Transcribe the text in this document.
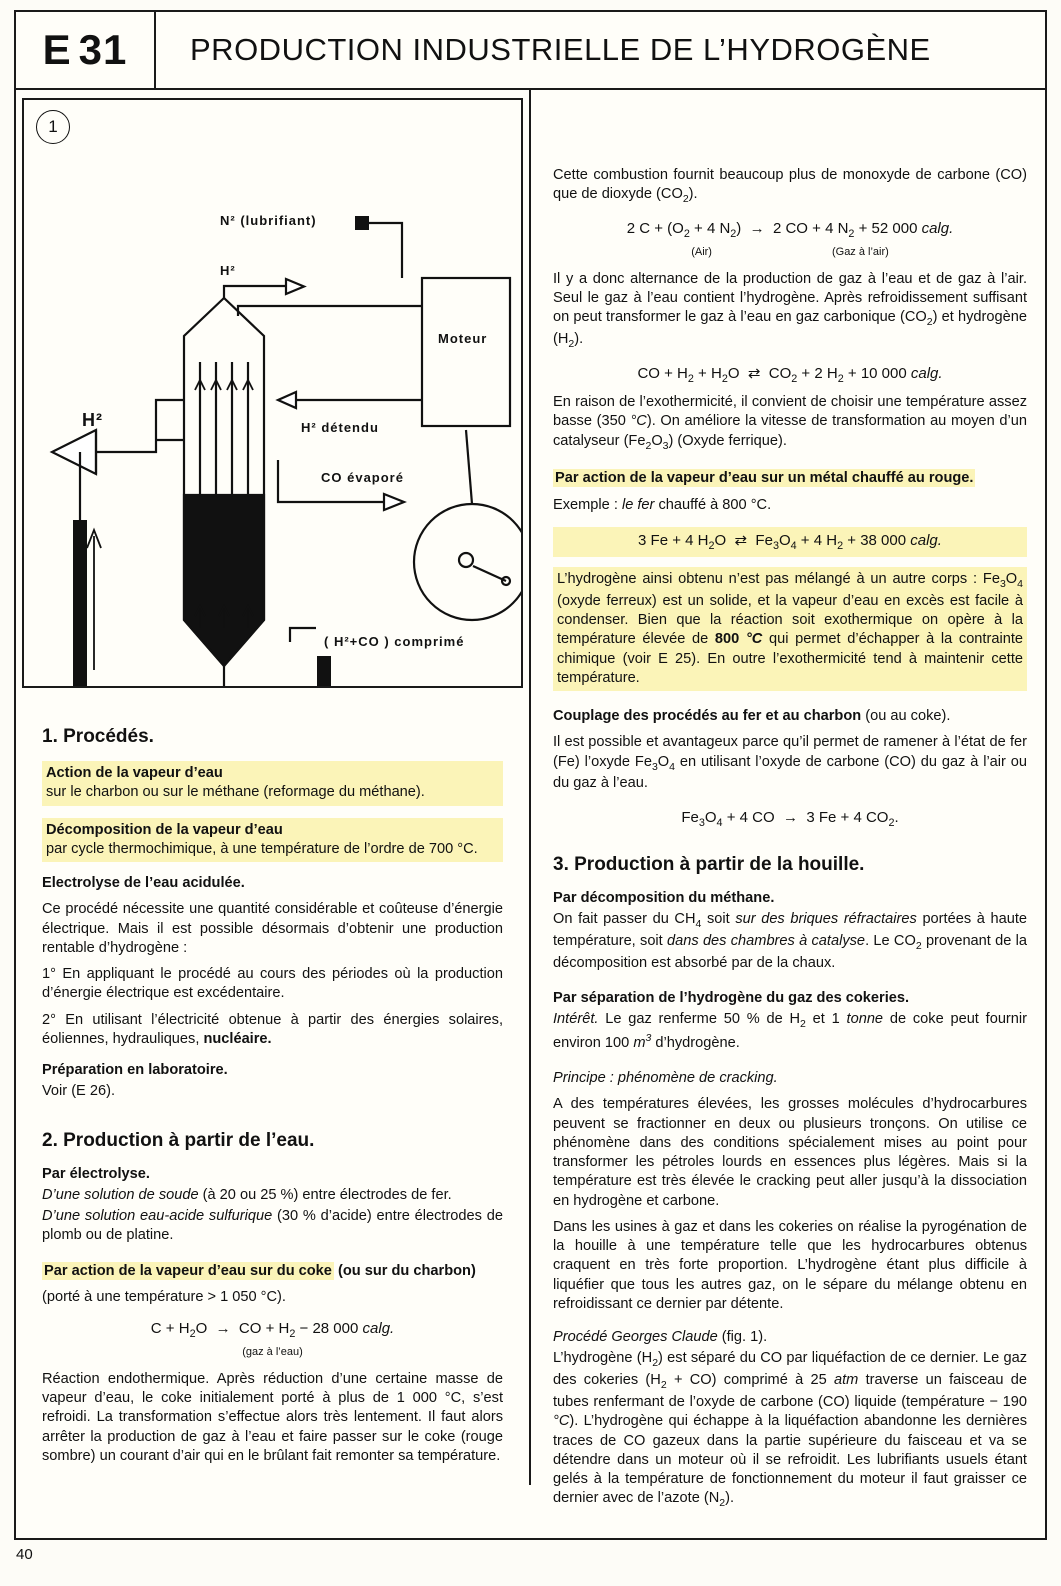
E 31	PRODUCTION INDUSTRIELLE DE L’HYDROGÈNE
1
N² (lubrifiant)
H²
H²
Moteur
H² détendu
CO évaporé
( H²+CO ) comprimé
1. Procédés.
Action de la vapeur d’eau
sur le charbon ou sur le méthane (reformage du méthane).
Décomposition de la vapeur d’eau
par cycle thermochimique, à une température de l’ordre de 700 °C.

Electrolyse de l’eau acidulée.

Ce procédé nécessite une quantité considérable et coûteuse d’énergie électrique. Mais il est possible désormais d’obtenir une production rentable d’hydrogène :

1° En appliquant le procédé au cours des périodes où la production d’énergie électrique est excédentaire.

2° En utilisant l’électricité obtenue à partir des énergies solaires, éoliennes, hydrauliques, nucléaire.

Préparation en laboratoire.

Voir (E 26).

2. Production à partir de l’eau.

Par électrolyse.

D’une solution de soude (à 20 ou 25 %) entre électrodes de fer.

D’une solution eau-acide sulfurique (30 % d’acide) entre électrodes de plomb ou de platine.

Par action de la vapeur d’eau sur du coke (ou sur du charbon)

(porté à une température > 1 050 °C).

$C + H_2O$  →  CO + $H_2 - 28$ 000 calg.
(gaz à l’eau)

Réaction endothermique. Après réduction d’une certaine masse de vapeur d’eau, le coke initialement porté à plus de 1 000 °C, s’est refroidi. La transformation s’effectue alors très lentement. Il faut alors arrêter la production de gaz à l’eau et faire passer sur le coke (rouge sombre) un courant d’air qui en le brûlant fait remonter sa température.

Cette combustion fournit beaucoup plus de monoxyde de carbone (CO) que de dioxyde $(CO_2)$.

2 $C + (O_2 + 4$ $N_2) \to 2$ CO + 4 $N_2 + 52$ 000 calg.
(Air)	(Gaz à l’air)

Il y a donc alternance de la production de gaz à l’eau et de gaz à l’air. Seul le gaz à l’eau contient l’hydrogène. Après refroidissement suffisant on peut transformer le gaz à l’eau en gaz carbonique $(CO_2)$ et hydrogène $(H_2)$.

CO + $H_2 + H_2O$  ⇄  $CO_2 + 2$ $H_2 + 10$ 000 calg.

En raison de l’exothermicité, il convient de choisir une température assez basse (350 °C). On améliore la vitesse de transformation au moyen d’un catalyseur $(Fe_2O_3)$ (Oxyde ferrique).

Par action de la vapeur d’eau sur un métal chauffé au rouge.

Exemple : le fer chauffé à 800 °C.

3 Fe + 4 $H_2O$  ⇄  $Fe_3O_4 + 4$ $H_2 + 38$ 000 calg.
L’hydrogène ainsi obtenu n’est pas mélangé à un autre corps : $Fe_3O_4$ (oxyde ferreux) est un solide, et la vapeur d’eau en excès est facile à condenser. Bien que la réaction soit exothermique on opère à la température élevée de 800 °C qui permet d’échapper à la contrainte chimique (voir E 25). En outre l’exothermicité tend à maintenir cette température.

Couplage des procédés au fer et au charbon (ou au coke).

Il est possible et avantageux parce qu’il permet de ramener à l’état de fer (Fe) l’oxyde $Fe_3O_4$ en utilisant l’oxyde de carbone (CO) du gaz à l’air ou du gaz à l’eau.

$Fe_3O_4 + 4$ CO  →  3 Fe + 4 $CO_2$.
3. Production à partir de la houille.

Par décomposition du méthane.

On fait passer du $CH_4$ soit sur des briques réfractaires portées à haute température, soit dans des chambres à catalyse. Le $CO_2$ provenant de la décomposition est absorbé par de la chaux.

Par séparation de l’hydrogène du gaz des cokeries.

Intérêt. Le gaz renferme 50 % de $H_2$ et 1 tonne de coke peut fournir environ 100 $m^3$ d’hydrogène.

Principe : phénomène de cracking.

A des températures élevées, les grosses molécules d’hydrocarbures peuvent se fractionner en deux ou plusieurs tronçons. On utilise ce phénomène dans des conditions spécialement mises au point pour transformer les pétroles lourds en essences plus légères. Mais si la température est très élevée le cracking peut aller jusqu’à la dissociation en hydrogène et carbone.

Dans les usines à gaz et dans les cokeries on réalise la pyrogénation de la houille à une température telle que les hydrocarbures obtenus craquent en très forte proportion. L’hydrogène étant plus difficile à liquéfier que tous les autres gaz, on le sépare du mélange obtenu en refroidissant ce dernier par détente.

Procédé Georges Claude (fig. 1).

L’hydrogène $(H_2)$ est séparé du CO par liquéfaction de ce dernier. Le gaz des cokeries $(H_2 + CO)$ comprimé à 25 atm traverse un faisceau de tubes renfermant de l’oxyde de carbone (CO) liquide (température − 190 °C). L’hydrogène qui échappe à la liquéfaction abandonne les dernières traces de CO gazeux dans la partie supérieure du faisceau et va se détendre dans un moteur où il se refroidit. Les lubrifiants usuels étant gelés à la température de fonctionnement du moteur il faut graisser ce dernier avec de l’azote $(N_2)$.

40
